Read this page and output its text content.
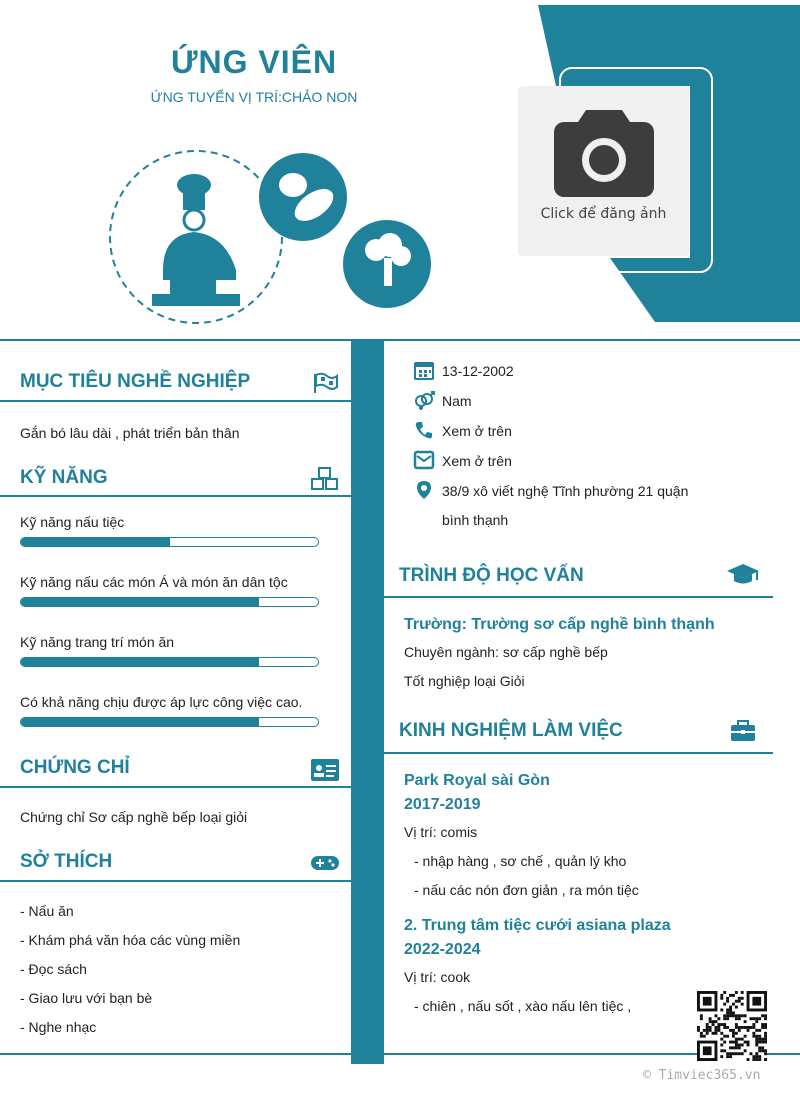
ỨNG VIÊN
ỨNG TUYỂN VỊ TRÍ:CHẢO NON
Click để đăng ảnh
MỤC TIÊU NGHỀ NGHIỆP
Gắn bó lâu dài , phát triển bản thân
KỸ NĂNG
Kỹ năng nấu tiệc
Kỹ năng nấu các món Á và món ăn dân tộc
Kỹ năng trang trí món ăn
Có khả năng chịu được áp lực công việc cao.
CHỨNG CHỈ
Chứng chỉ Sơ cấp nghề bếp loại giỏi
SỞ THÍCH
- Nấu ăn
- Khám phá văn hóa các vùng miền
- Đọc sách
- Giao lưu với bạn bè
- Nghe nhạc
13-12-2002
Nam
Xem ở trên
Xem ở trên
38/9 xô viết nghệ Tĩnh phường 21 quận
bình thạnh
TRÌNH ĐỘ HỌC VẤN
Trường: Trường sơ cấp nghề bình thạnh
Chuyên ngành: sơ cấp nghề bếp
Tốt nghiệp loại Giỏi
KINH NGHIỆM LÀM VIỆC
Park Royal sài Gòn
2017-2019
Vị trí: comis
- nhập hàng , sơ chế , quản lý kho
- nấu các nón đơn giản , ra món tiệc
2. Trung tâm tiệc cưới asiana plaza
2022-2024
Vị trí: cook
- chiên , nấu sốt , xào nấu lên tiệc ,
© Timviec365.vn
